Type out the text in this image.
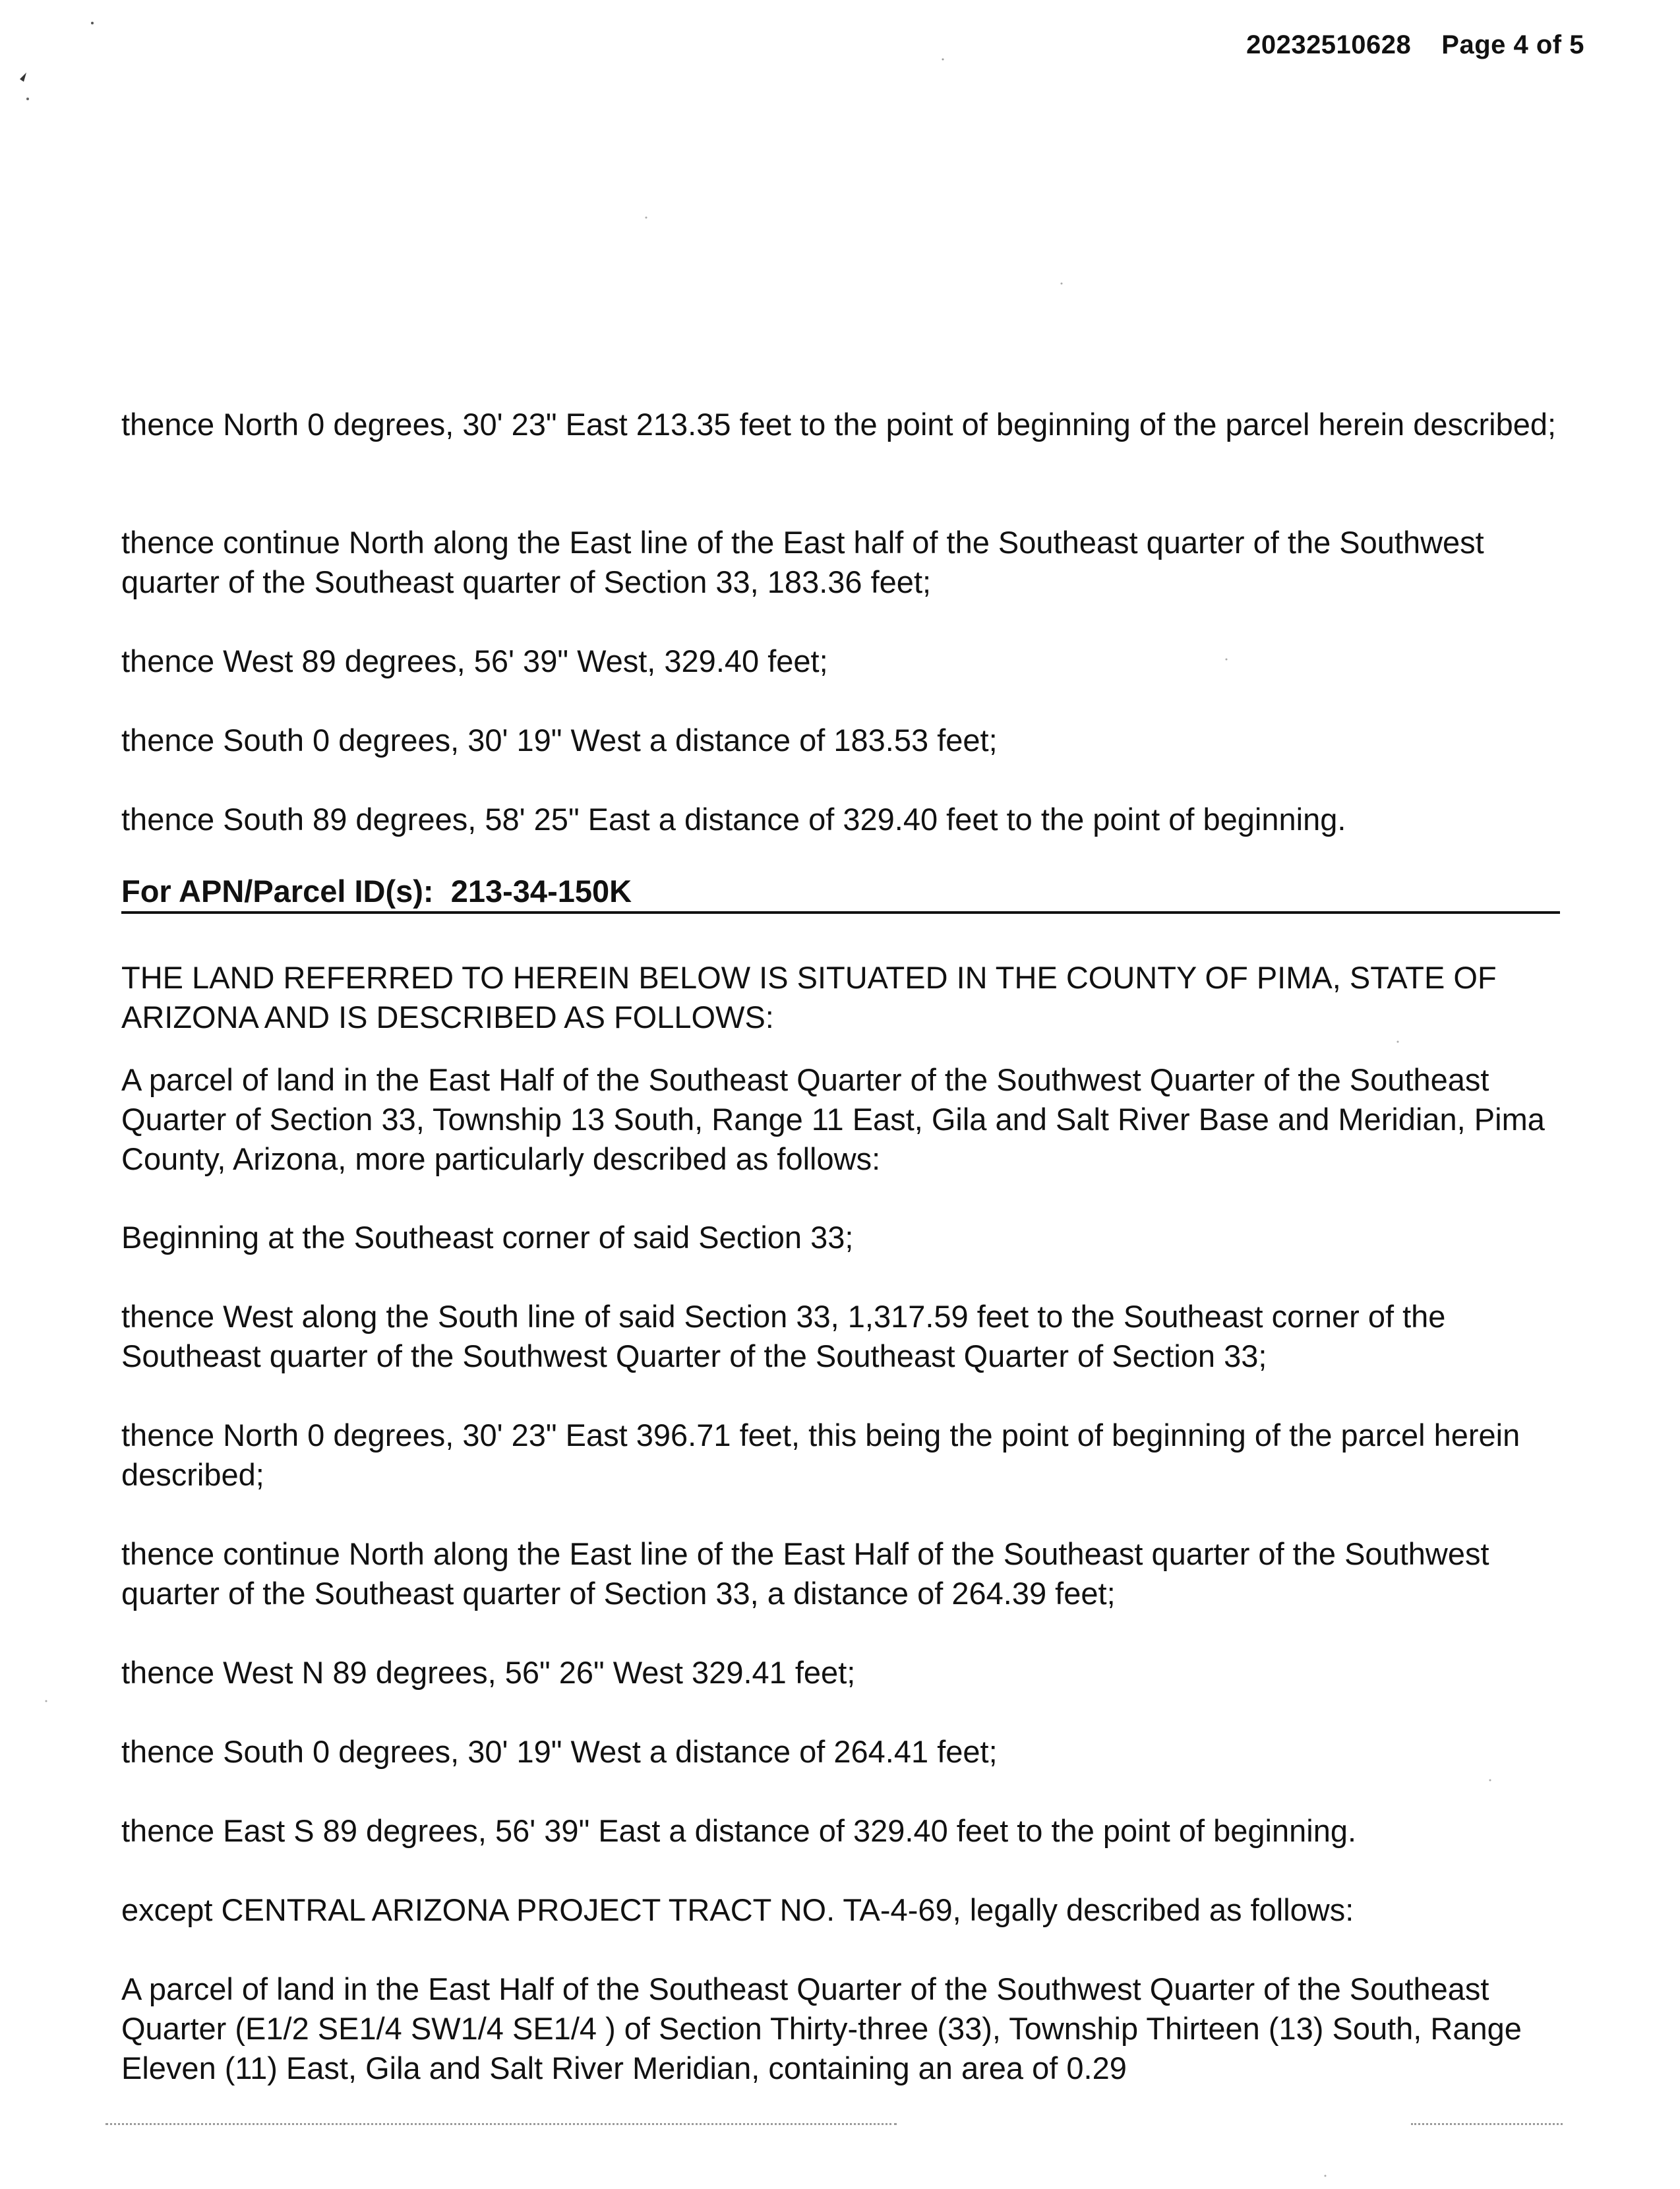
20232510628 Page 4 of 5

thence North 0 degrees, 30' 23" East 213.35 feet to the point of beginning of the parcel herein described;

thence continue North along the East line of the East half of the Southeast quarter of the Southwest quarter of the Southeast quarter of Section 33, 183.36 feet;

thence West 89 degrees, 56' 39" West, 329.40 feet;

thence South 0 degrees, 30' 19" West a distance of 183.53 feet;

thence South 89 degrees, 58' 25" East a distance of 329.40 feet to the point of beginning.

For APN/Parcel ID(s): 213-34-150K

THE LAND REFERRED TO HEREIN BELOW IS SITUATED IN THE COUNTY OF PIMA, STATE OF ARIZONA AND IS DESCRIBED AS FOLLOWS:

A parcel of land in the East Half of the Southeast Quarter of the Southwest Quarter of the Southeast Quarter of Section 33, Township 13 South, Range 11 East, Gila and Salt River Base and Meridian, Pima County, Arizona, more particularly described as follows:

Beginning at the Southeast corner of said Section 33;

thence West along the South line of said Section 33, 1,317.59 feet to the Southeast corner of the Southeast quarter of the Southwest Quarter of the Southeast Quarter of Section 33;

thence North 0 degrees, 30' 23" East 396.71 feet, this being the point of beginning of the parcel herein described;

thence continue North along the East line of the East Half of the Southeast quarter of the Southwest quarter of the Southeast quarter of Section 33, a distance of 264.39 feet;

thence West N 89 degrees, 56" 26" West 329.41 feet;

thence South 0 degrees, 30' 19" West a distance of 264.41 feet;

thence East S 89 degrees, 56' 39" East a distance of 329.40 feet to the point of beginning.

except CENTRAL ARIZONA PROJECT TRACT NO. TA-4-69, legally described as follows:

A parcel of land in the East Half of the Southeast Quarter of the Southwest Quarter of the Southeast Quarter (E1/2 SE1/4 SW1/4 SE1/4 ) of Section Thirty-three (33), Township Thirteen (13) South, Range Eleven (11) East, Gila and Salt River Meridian, containing an area of 0.29
